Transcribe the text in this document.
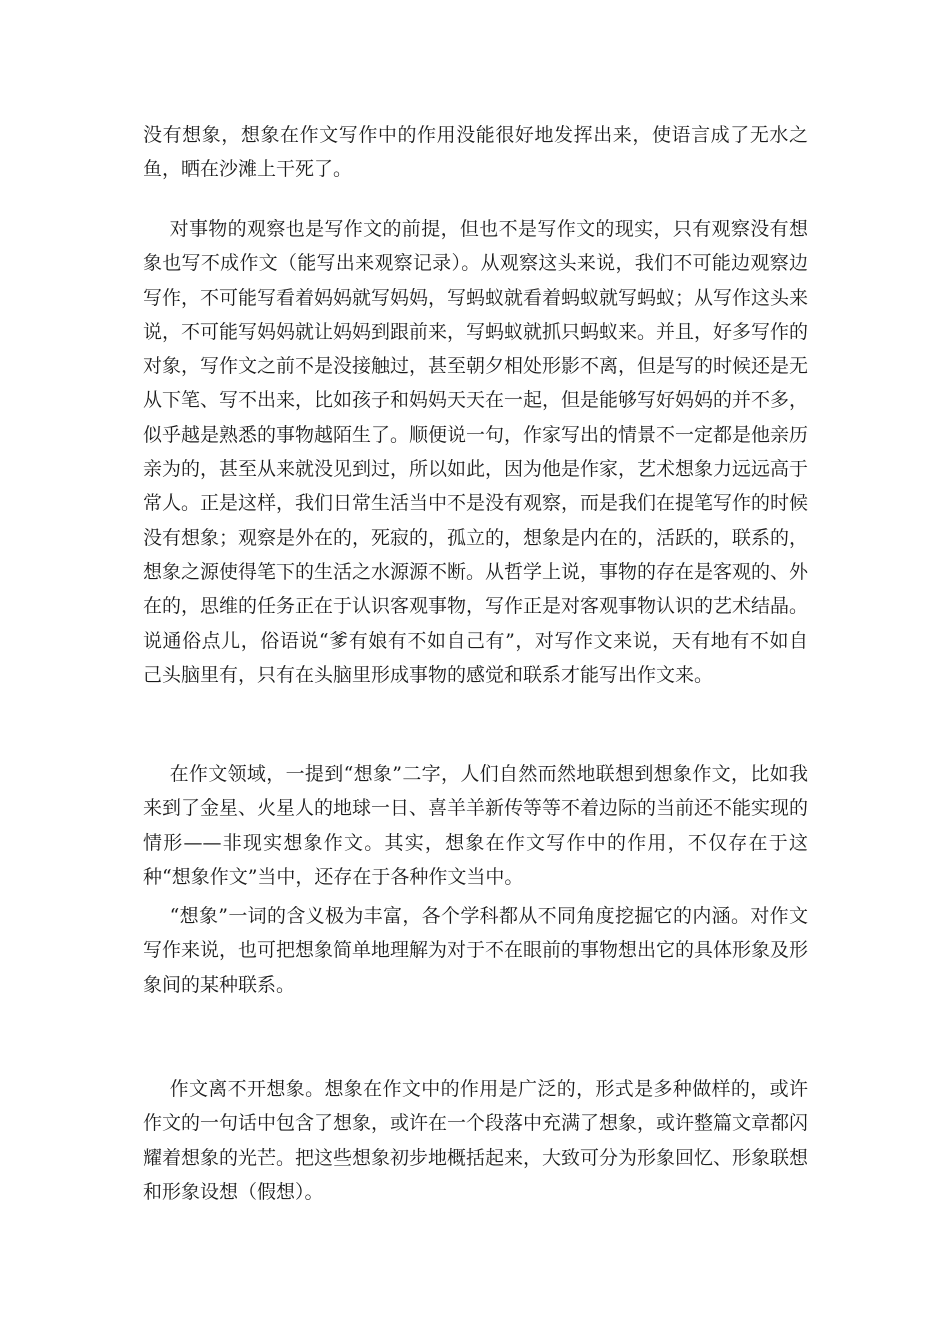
没有想象，想象在作文写作中的作用没能很好地发挥出来，使语言成了无水之鱼，晒在沙滩上干死了。

对事物的观察也是写作文的前提，但也不是写作文的现实，只有观察没有想象也写不成作文（能写出来观察记录）。从观察这头来说，我们不可能边观察边写作，不可能写看着妈妈就写妈妈，写蚂蚁就看着蚂蚁就写蚂蚁；从写作这头来说，不可能写妈妈就让妈妈到跟前来，写蚂蚁就抓只蚂蚁来。并且，好多写作的对象，写作文之前不是没接触过，甚至朝夕相处形影不离，但是写的时候还是无从下笔、写不出来，比如孩子和妈妈天天在一起，但是能够写好妈妈的并不多，似乎越是熟悉的事物越陌生了。顺便说一句，作家写出的情景不一定都是他亲历亲为的，甚至从来就没见到过，所以如此，因为他是作家，艺术想象力远远高于常人。正是这样，我们日常生活当中不是没有观察，而是我们在提笔写作的时候没有想象；观察是外在的，死寂的，孤立的，想象是内在的，活跃的，联系的，想象之源使得笔下的生活之水源源不断。从哲学上说，事物的存在是客观的、外在的，思维的任务正在于认识客观事物，写作正是对客观事物认识的艺术结晶。说通俗点儿，俗语说“爹有娘有不如自己有”，对写作文来说，天有地有不如自己头脑里有，只有在头脑里形成事物的感觉和联系才能写出作文来。

在作文领域，一提到“想象”二字，人们自然而然地联想到想象作文，比如我来到了金星、火星人的地球一日、喜羊羊新传等等不着边际的当前还不能实现的情形——非现实想象作文。其实，想象在作文写作中的作用，不仅存在于这种“想象作文”当中，还存在于各种作文当中。

“想象”一词的含义极为丰富，各个学科都从不同角度挖掘它的内涵。对作文写作来说，也可把想象简单地理解为对于不在眼前的事物想出它的具体形象及形象间的某种联系。

作文离不开想象。想象在作文中的作用是广泛的，形式是多种做样的，或许作文的一句话中包含了想象，或许在一个段落中充满了想象，或许整篇文章都闪耀着想象的光芒。把这些想象初步地概括起来，大致可分为形象回忆、形象联想和形象设想（假想）。
